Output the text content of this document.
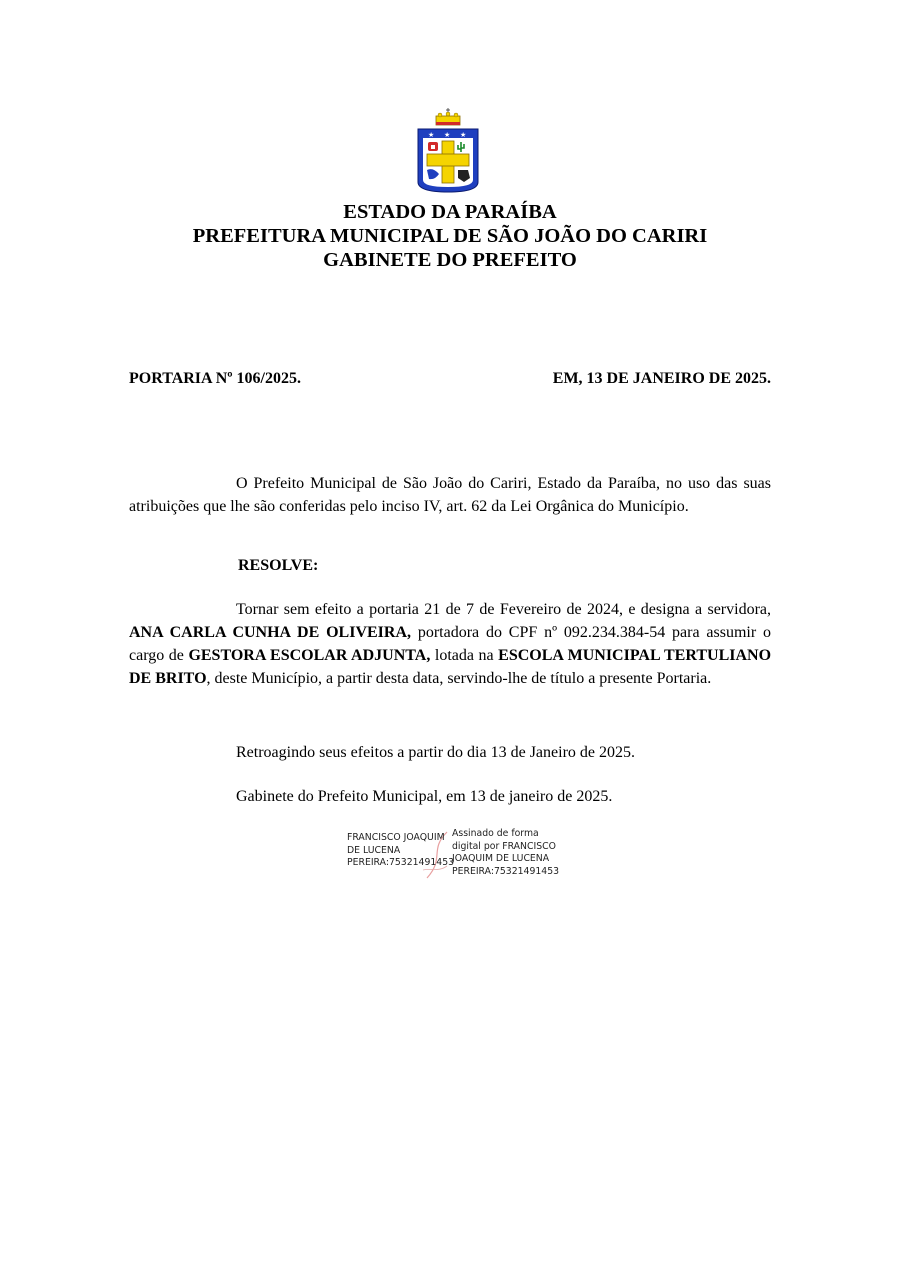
★ ★ ★
ESTADO DA PARAÍBA
PREFEITURA MUNICIPAL DE SÃO JOÃO DO CARIRI
GABINETE DO PREFEITO
PORTARIA Nº 106/2025.	EM, 13 DE JANEIRO DE 2025.
O Prefeito Municipal de São João do Cariri, Estado da Paraíba, no uso das suas atribuições que lhe são conferidas pelo inciso IV, art. 62 da Lei Orgânica do Município.
RESOLVE:
Tornar sem efeito a portaria 21 de 7 de Fevereiro de 2024, e designa a servidora, ANA CARLA CUNHA DE OLIVEIRA, portadora do CPF nº 092.234.384-54 para assumir o cargo de GESTORA ESCOLAR ADJUNTA, lotada na ESCOLA MUNICIPAL TERTULIANO DE BRITO, deste Município, a partir desta data, servindo-lhe de título a presente Portaria.
Retroagindo seus efeitos a partir do dia 13 de Janeiro de 2025.
Gabinete do Prefeito Municipal, em 13 de janeiro de 2025.
FRANCISCO JOAQUIM
DE LUCENA
PEREIRA:75321491453
Assinado de forma
digital por FRANCISCO
JOAQUIM DE LUCENA
PEREIRA:75321491453
